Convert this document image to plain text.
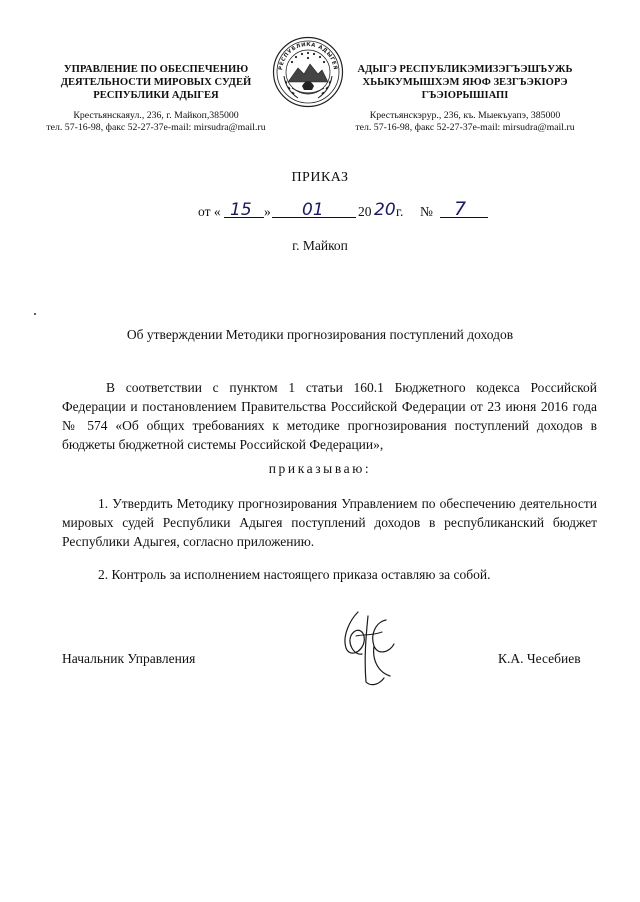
УПРАВЛЕНИЕ ПО ОБЕСПЕЧЕНИЮ
ДЕЯТЕЛЬНОСТИ МИРОВЫХ СУДЕЙ
РЕСПУБЛИКИ АДЫГЕЯ
Крестьянскаяул., 236, г. Майкоп,385000
тел. 57-16-98, факс 52-27-37e-mail: mirsudra@mail.ru
РЕСПУБЛИКА АДЫГЕЯ	АДЫГЭ РЕСПУБЛИКЭМИЗЭГЪЭШЪУЖЬ
ХЬЫКУМЫШХЭМ ЯЮФ ЗЕЗГЪЭКIОРЭ
ГЪЭIОРЫШIАПI
Крестьянскэрур., 236, къ. Мыекъуапэ, 385000
тел. 57-16-98, факс 52-27-37e-mail: mirsudra@mail.ru
ПРИКАЗ
от « 15 » 01	20 20 г. № 7
г. Майкоп
Об утверждении Методики прогнозирования поступлений доходов
В соответствии с пунктом 1 статьи 160.1 Бюджетного кодекса Российской Федерации и постановлением Правительства Российской Федерации от 23 июня 2016 года № 574 «Об общих требованиях к методике прогнозирования поступлений доходов в бюджеты бюджетной системы Российской Федерации»,
приказываю:
1. Утвердить Методику прогнозирования Управлением по обеспечению деятельности мировых судей Республики Адыгея поступлений доходов в республиканский бюджет Республики Адыгея, согласно приложению.
2. Контроль за исполнением настоящего приказа оставляю за собой.
Начальник Управления	К.А. Чесебиев
